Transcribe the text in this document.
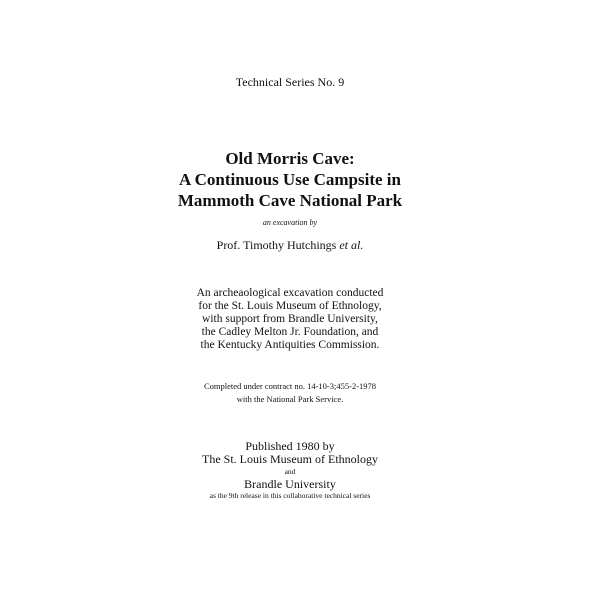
Technical Series No. 9

Old Morris Cave:

A Continuous Use Campsite in

Mammoth Cave National Park

an excavation by

Prof. Timothy Hutchings et al.

An archeaological excavation conducted

for the St. Louis Museum of Ethnology,

with support from Brandle University,

the Cadley Melton Jr. Foundation, and

the Kentucky Antiquities Commission.

Completed under contract no. 14-10-3;455-2-1978

with the National Park Service.

Published 1980 by

The St. Louis Museum of Ethnology

and

Brandle University

as the 9th release in this collaborative technical series
